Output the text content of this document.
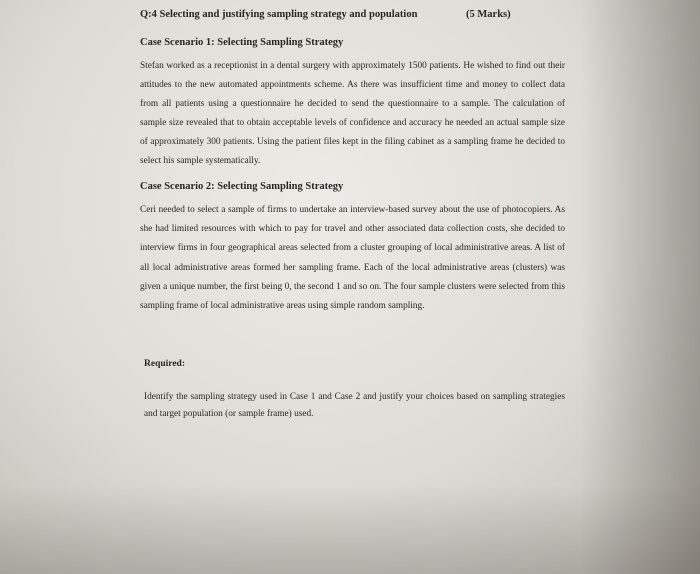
Q:4 Selecting and justifying sampling strategy and population	(5 Marks)
Case Scenario 1: Selecting Sampling Strategy

Stefan worked as a receptionist in a dental surgery with approximately 1500 patients. He wished to find out their attitudes to the new automated appointments scheme. As there was insufficient time and money to collect data from all patients using a questionnaire he decided to send the questionnaire to a sample. The calculation of sample size revealed that to obtain acceptable levels of confidence and accuracy he needed an actual sample size of approximately 300 patients. Using the patient files kept in the filing cabinet as a sampling frame he decided to select his sample systematically.

Case Scenario 2: Selecting Sampling Strategy

Ceri needed to select a sample of firms to undertake an interview-based survey about the use of photocopiers. As she had limited resources with which to pay for travel and other associated data collection costs, she decided to interview firms in four geographical areas selected from a cluster grouping of local administrative areas. A list of all local administrative areas formed her sampling frame. Each of the local administrative areas (clusters) was given a unique number, the first being 0, the second 1 and so on. The four sample clusters were selected from this sampling frame of local administrative areas using simple random sampling.

Required:

Identify the sampling strategy used in Case 1 and Case 2 and justify your choices based on sampling strategies and target population (or sample frame) used.
